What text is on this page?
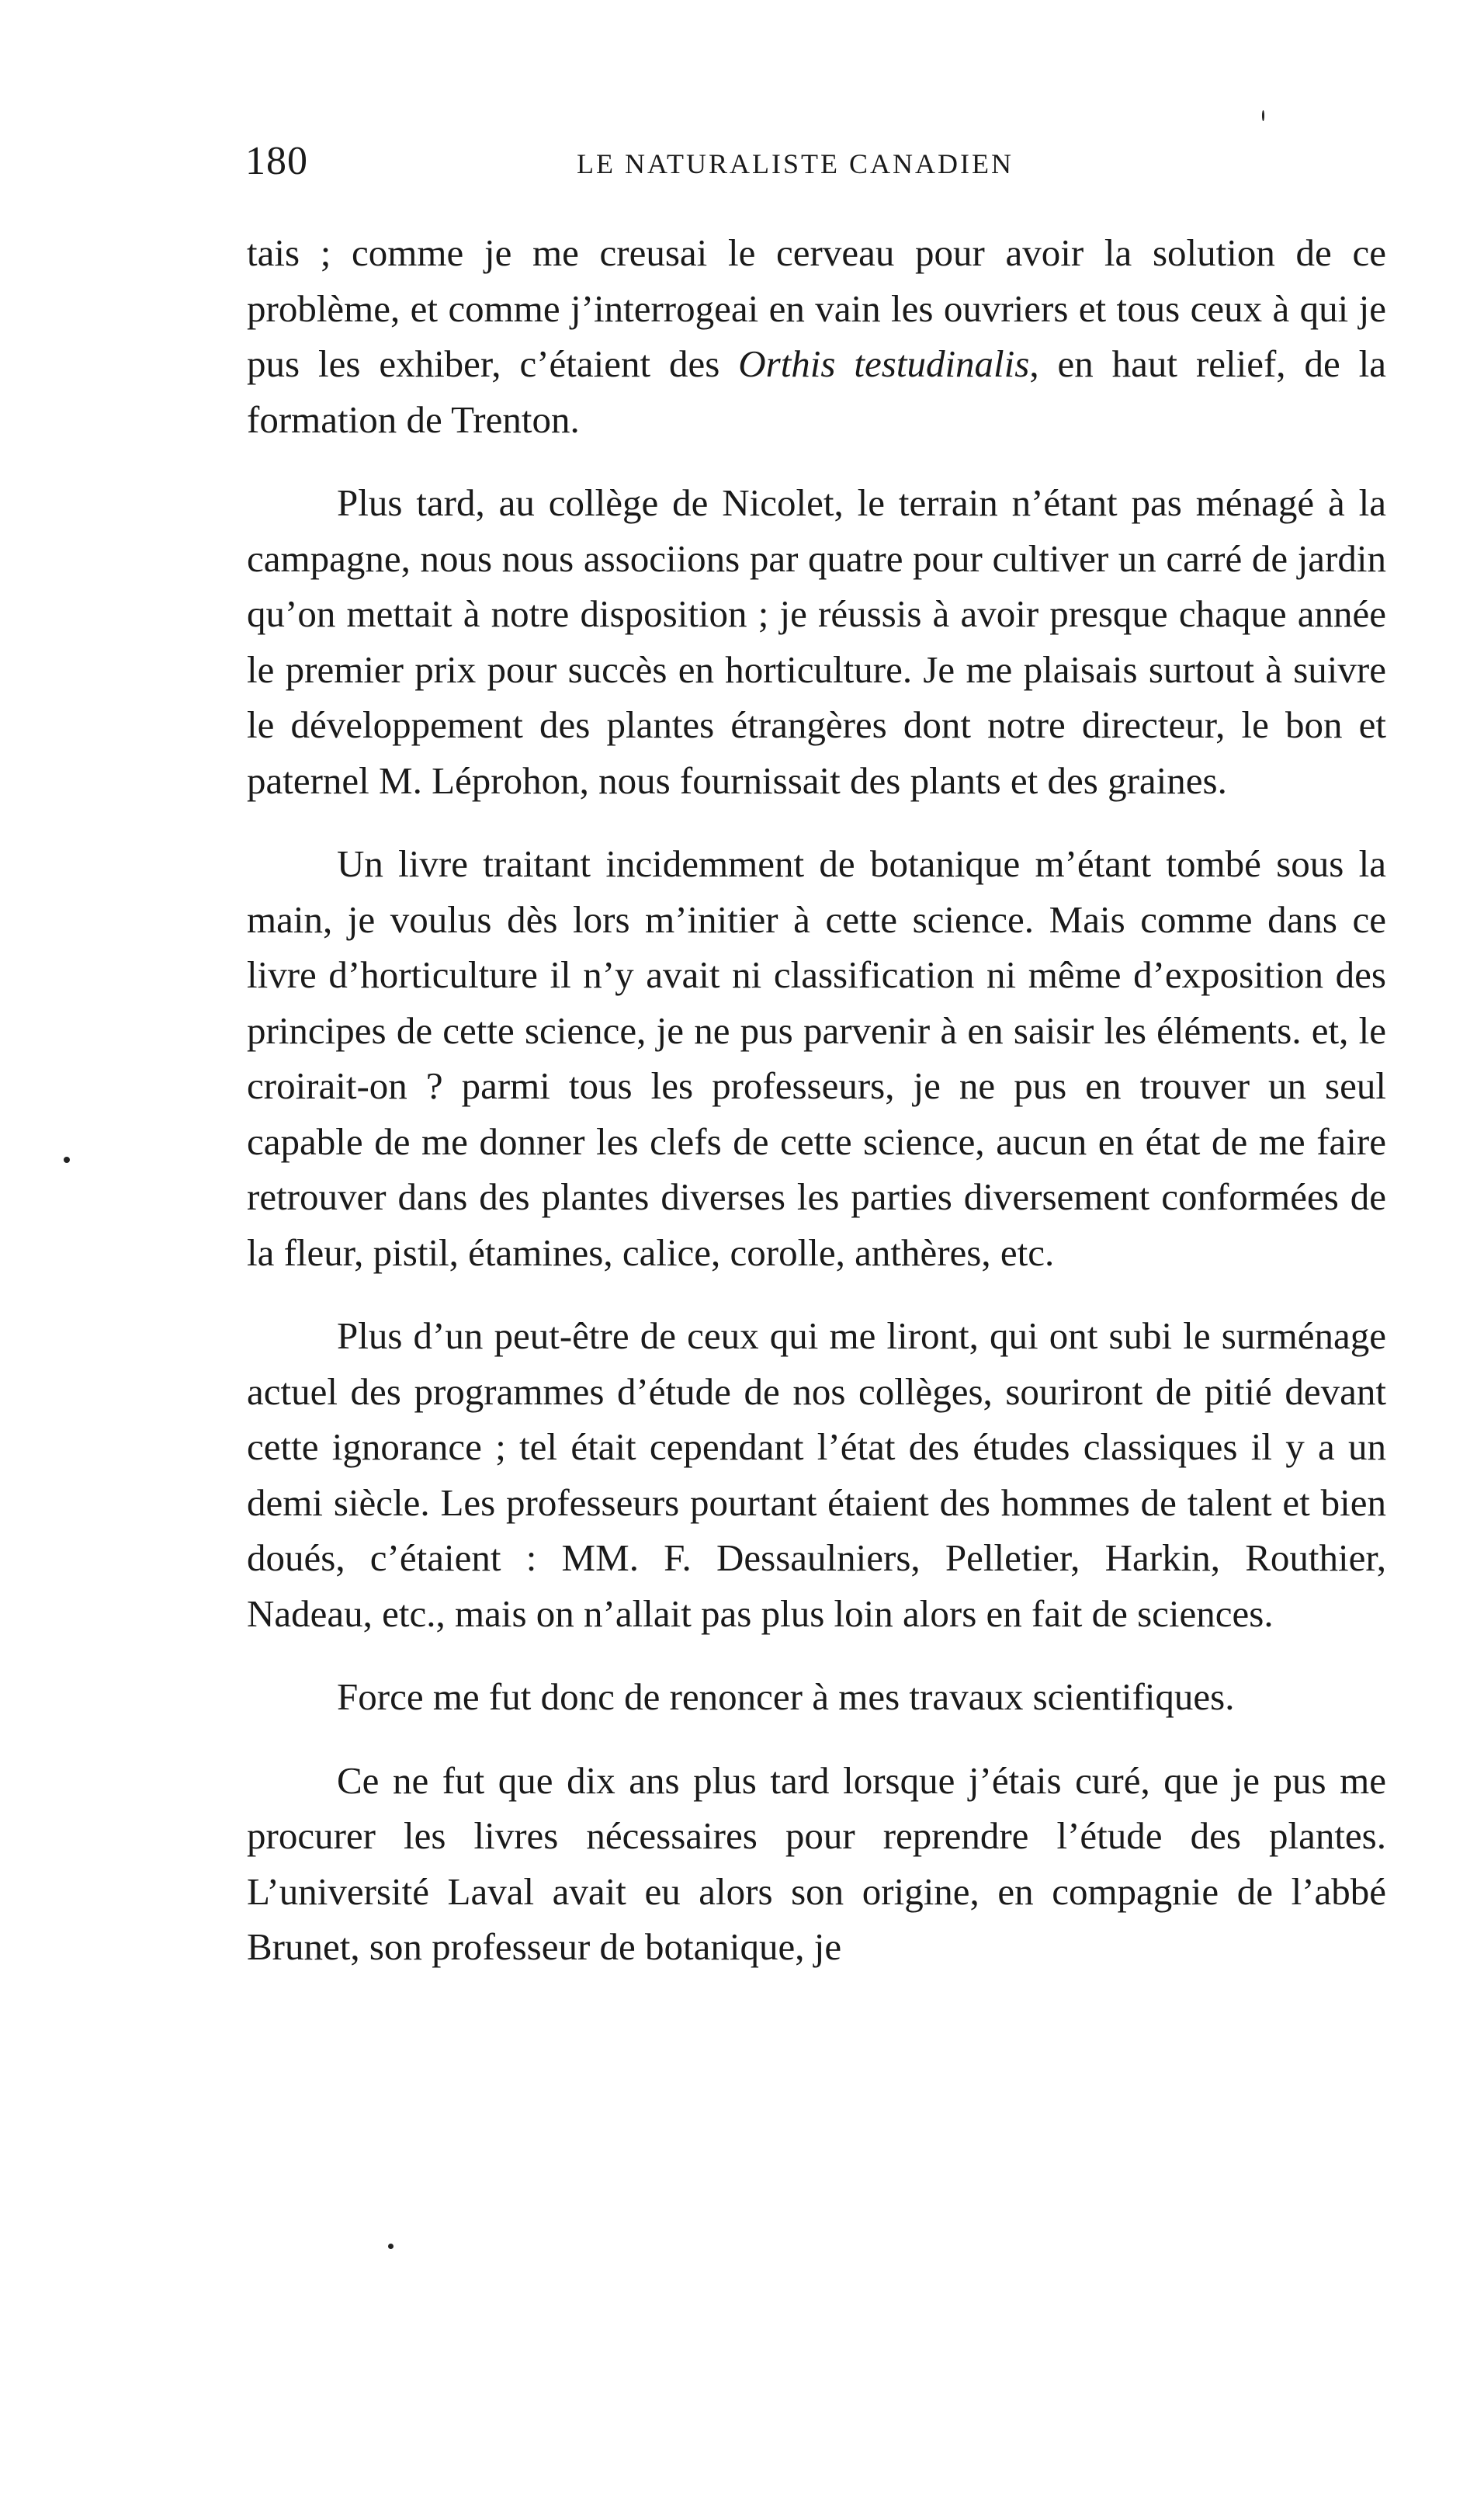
180	LE NATURALISTE CANADIEN

tais ; comme je me creusai le cerveau pour avoir la solution de ce problème, et comme j’interrogeai en vain les ouvriers et tous ceux à qui je pus les exhiber, c’étaient des Orthis testudinalis, en haut relief, de la formation de Trenton.

Plus tard, au collège de Nicolet, le terrain n’étant pas ménagé à la campagne, nous nous associions par quatre pour cultiver un carré de jardin qu’on mettait à notre disposition ; je réussis à avoir presque chaque année le premier prix pour succès en horticulture. Je me plaisais surtout à suivre le développement des plantes étrangères dont notre directeur, le bon et paternel M. Léprohon, nous fournissait des plants et des graines.

Un livre traitant incidemment de botanique m’étant tombé sous la main, je voulus dès lors m’initier à cette science. Mais comme dans ce livre d’horticulture il n’y avait ni classification ni même d’exposition des principes de cette science, je ne pus parvenir à en saisir les éléments. et, le croirait-on ? parmi tous les professeurs, je ne pus en trouver un seul capable de me donner les clefs de cette science, aucun en état de me faire retrouver dans des plantes diverses les parties diversement conformées de la fleur, pistil, étamines, calice, corolle, anthères, etc.

Plus d’un peut-être de ceux qui me liront, qui ont subi le surménage actuel des programmes d’étude de nos collèges, souriront de pitié devant cette ignorance ; tel était cependant l’état des études classiques il y a un demi siècle. Les professeurs pourtant étaient des hommes de talent et bien doués, c’étaient : MM. F. Dessaulniers, Pelletier, Harkin, Routhier, Nadeau, etc., mais on n’allait pas plus loin alors en fait de sciences.

Force me fut donc de renoncer à mes travaux scientifiques.

Ce ne fut que dix ans plus tard lorsque j’étais curé, que je pus me procurer les livres nécessaires pour reprendre l’étude des plantes. L’université Laval avait eu alors son origine, en compagnie de l’abbé Brunet, son professeur de botanique, je
